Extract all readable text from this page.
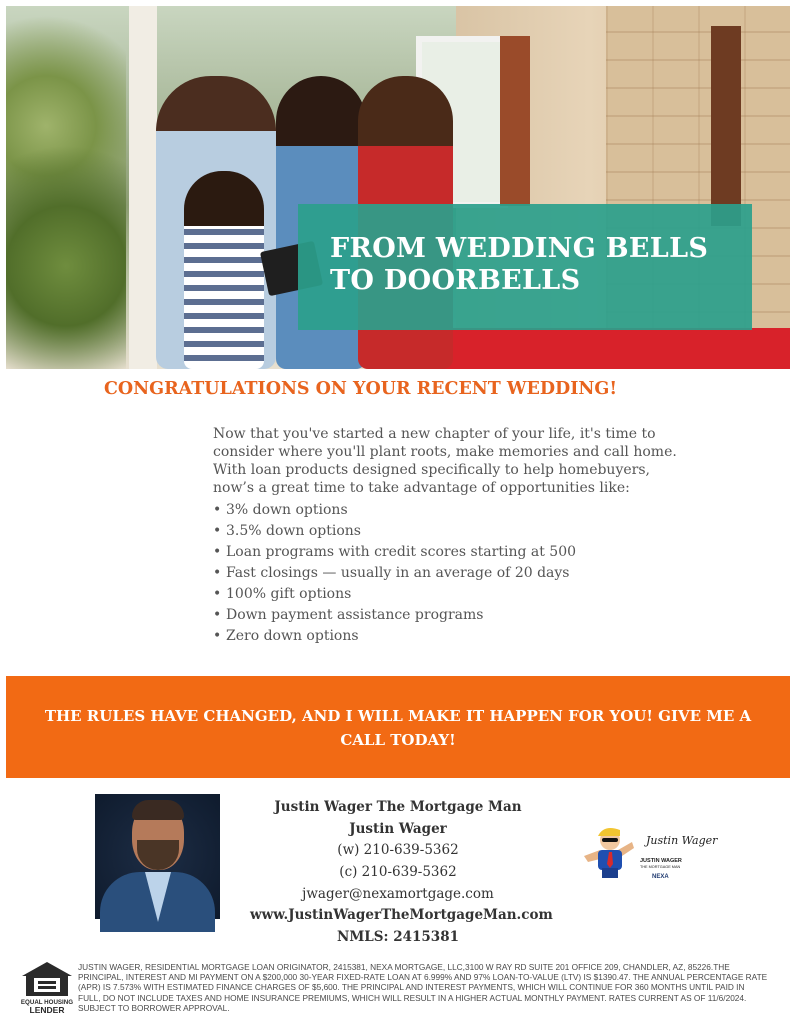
FROM WEDDING BELLS
TO DOORBELLS
CONGRATULATIONS ON YOUR RECENT WEDDING!

Now that you've started a new chapter of your life, it's time to consider where you'll plant roots, make memories and call home. With loan products designed specifically to help homebuyers, now’s a great time to take advantage of opportunities like:

• 3% down options
• 3.5% down options
• Loan programs with credit scores starting at 500
• Fast closings — usually in an average of 20 days
• 100% gift options
• Down payment assistance programs
• Zero down options

THE RULES HAVE CHANGED, AND I WILL MAKE IT HAPPEN FOR YOU! GIVE ME A CALL TODAY!

Justin Wager The Mortgage Man
Justin Wager
(w) 210-639-5362
(c) 210-639-5362
jwager@nexamortgage.com
www.JustinWagerTheMortgageMan.com
NMLS: 2415381
Justin Wager
JUSTIN WAGER
THE MORTGAGE MAN
NEXA
EQUAL HOUSING
LENDER

JUSTIN WAGER, RESIDENTIAL MORTGAGE LOAN ORIGINATOR, 2415381, NEXA MORTGAGE, LLC,3100 W RAY RD SUITE 201 OFFICE 209, CHANDLER, AZ, 85226.THE PRINCIPAL, INTEREST AND MI PAYMENT ON A $200,000 30-YEAR FIXED-RATE LOAN AT 6.999% AND 97% LOAN-TO-VALUE (LTV) IS $1390.47. THE ANNUAL PERCENTAGE RATE (APR) IS 7.573% WITH ESTIMATED FINANCE CHARGES OF $5,600. THE PRINCIPAL AND INTEREST PAYMENTS, WHICH WILL CONTINUE FOR 360 MONTHS UNTIL PAID IN FULL, DO NOT INCLUDE TAXES AND HOME INSURANCE PREMIUMS, WHICH WILL RESULT IN A HIGHER ACTUAL MONTHLY PAYMENT. RATES CURRENT AS OF 11/6/2024. SUBJECT TO BORROWER APPROVAL.
